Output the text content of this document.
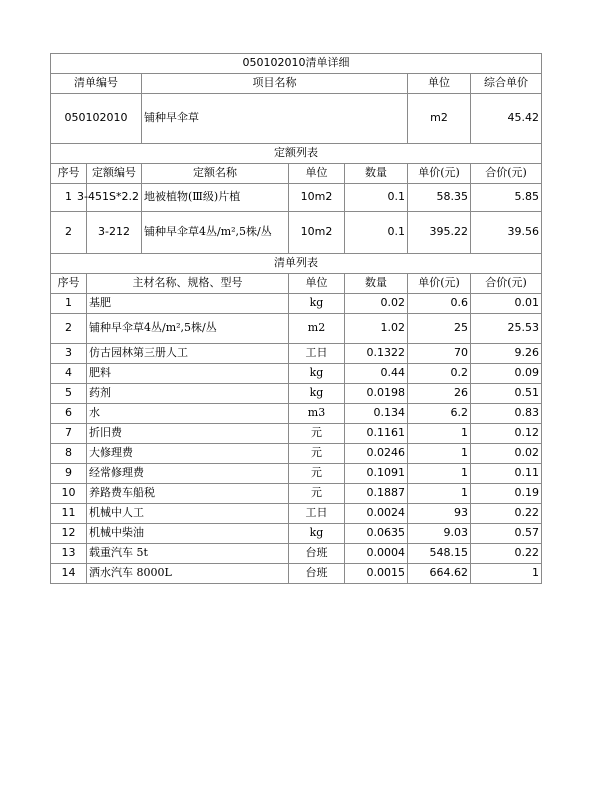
050102010清单详细						
清单编号		项目名称			单位	综合单价
050102010		铺种早伞草			m2	45.42
定额列表						
序号	定额编号	定额名称	单位	数量	单价(元)	合价(元)
1	3-451S*2.2	地被植物(Ⅲ级)片植	10m2	0.1	58.35	5.85
2	3-212	铺种早伞草4丛/m²,5株/丛	10m2	0.1	395.22	39.56
清单列表						
序号	主材名称、规格、型号		单位	数量	单价(元)	合价(元)
1	基肥		kg	0.02	0.6	0.01
2	铺种早伞草4丛/m²,5株/丛		m2	1.02	25	25.53
3	仿古园林第三册人工		工日	0.1322	70	9.26
4	肥料		kg	0.44	0.2	0.09
5	药剂		kg	0.0198	26	0.51
6	水		m3	0.134	6.2	0.83
7	折旧费		元	0.1161	1	0.12
8	大修理费		元	0.0246	1	0.02
9	经常修理费		元	0.1091	1	0.11
10	养路费车船税		元	0.1887	1	0.19
11	机械中人工		工日	0.0024	93	0.22
12	机械中柴油		kg	0.0635	9.03	0.57
13	载重汽车 5t		台班	0.0004	548.15	0.22
14	洒水汽车 8000L		台班	0.0015	664.62	1
